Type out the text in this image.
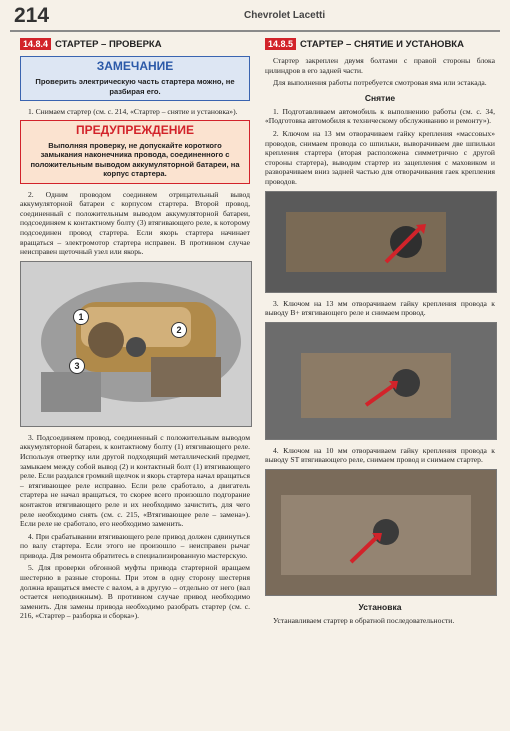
214	Chevrolet Lacetti
14.8.4 СТАРТЕР – ПРОВЕРКА
ЗАМЕЧАНИЕ
Проверить электрическую часть стартера можно, не разбирая его.

1. Снимаем стартер (см. с. 214, «Стартер – снятие и установка»).

ПРЕДУПРЕЖДЕНИЕ
Выполняя проверку, не допускайте короткого замыкания наконечника провода, соединенного с положительным выводом аккумуляторной батареи, на корпус стартера.

2. Одним проводом соединяем отрицательный вывод аккумуляторной батареи с корпусом стартера. Второй провод, соединенный с положительным выводом аккумуляторной батареи, подсоединяем к контактному болту (3) втягивающего реле, к которому подсоединен провод стартера. Если якорь стартера начинает вращаться – электромотор стартера исправен. В противном случае неисправен щеточный узел или якорь.

1
2
3

3. Подсоединяем провод, соединенный с положительным выводом аккумуляторной батареи, к контактному болту (1) втягивающего реле. Используя отвертку или другой подходящий металлический предмет, замыкаем между собой вывод (2) и контактный болт (1) втягивающего реле. Если раздался громкий щелчок и якорь стартера начал вращаться – втягивающее реле исправно. Если реле сработало, а двигатель стартера не начал вращаться, то скорее всего произошло подгорание контактов втягивающего реле и их необходимо зачистить, для чего реле необходимо снять (см. с. 215, «Втягивающее реле – замена»). Если реле не сработало, его необходимо заменить.

4. При срабатывании втягивающего реле привод должен сдвинуться по валу стартера. Если этого не произошло – неисправен рычаг привода. Для ремонта обратитесь в специализированную мастерскую.

5. Для проверки обгонной муфты привода стартерной вращаем шестерню в разные стороны. При этом в одну сторону шестерня должна вращаться вместе с валом, а в другую – отдельно от него (вал остается неподвижным). В противном случае привод необходимо заменить. Для замены привода необходимо разобрать стартер (см. с. 216, «Стартер – разборка и сборка»).

14.8.5 СТАРТЕР – СНЯТИЕ И УСТАНОВКА

Стартер закреплен двумя болтами с правой стороны блока цилиндров в его задней части.

Для выполнения работы потребуется смотровая яма или эстакада.

Снятие

1. Подготавливаем автомобиль к выполнению работы (см. с. 34, «Подготовка автомобиля к техническому обслуживанию и ремонту»).

2. Ключом на 13 мм отворачиваем гайку крепления «массовых» проводов, снимаем провода со шпильки, выворачиваем две шпильки крепления стартера (вторая расположена симметрично с другой стороны стартера), выводим стартер из зацепления с маховиком и разворачиваем вниз задней частью для отворачивания гаек крепления проводов.

3. Ключом на 13 мм отворачиваем гайку крепления провода к выводу B+ втягивающего реле и снимаем провод.

4. Ключом на 10 мм отворачиваем гайку крепления провода к выводу ST втягивающего реле, снимаем провод и снимаем стартер.

Установка

Устанавливаем стартер в обратной последовательности.
